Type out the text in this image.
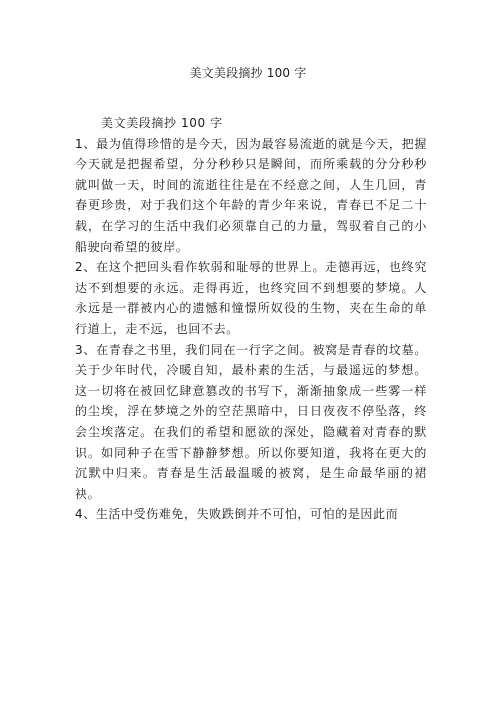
美文美段摘抄 100 字

美文美段摘抄 100 字

1、最为值得珍惜的是今天，因为最容易流逝的就是今天，把握今天就是把握希望，分分秒秒只是瞬间，而所乘载的分分秒秒就叫做一天，时间的流逝往往是在不经意之间，人生几回，青春更珍贵，对于我们这个年龄的青少年来说，青春已不足二十载，在学习的生活中我们必须靠自己的力量，驾驭着自己的小船驶向希望的彼岸。

2、在这个把回头看作软弱和耻辱的世界上。走德再远，也终究达不到想要的永远。走得再近，也终究回不到想要的梦境。人永远是一群被内心的遗憾和憧憬所奴役的生物，夹在生命的单行道上，走不远，也回不去。

3、在青春之书里，我们同在一行字之间。被窝是青春的坟墓。关于少年时代，冷暖自知，最朴素的生活，与最遥远的梦想。这一切将在被回忆肆意篡改的书写下，渐渐抽象成一些雾一样的尘埃，浮在梦境之外的空茫黑暗中，日日夜夜不停坠落，终会尘埃落定。在我们的希望和愿欲的深处，隐藏着对青春的默识。如同种子在雪下静静梦想。所以你要知道，我将在更大的沉默中归来。青春是生活最温暖的被窝，是生命最华丽的裙袂。

4、生活中受伤难免，失败跌倒并不可怕，可怕的是因此而
